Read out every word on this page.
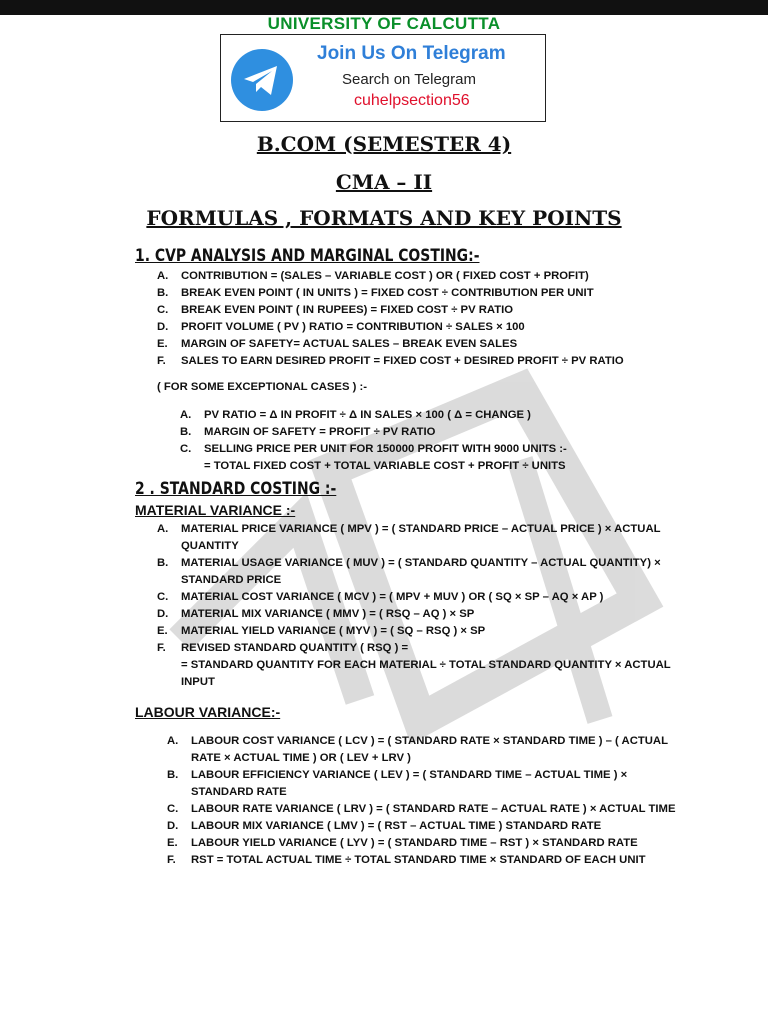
UNIVERSITY OF CALCUTTA
Join Us On Telegram
Search on Telegram
cuhelpsection56
B.COM (SEMESTER 4)
CMA – II
FORMULAS , FORMATS AND KEY POINTS
1. CVP ANALYSIS AND MARGINAL COSTING:-
A. CONTRIBUTION = (SALES – VARIABLE COST ) OR ( FIXED COST + PROFIT)
B. BREAK EVEN POINT ( IN UNITS ) = FIXED COST ÷ CONTRIBUTION PER UNIT
C. BREAK EVEN POINT ( IN RUPEES) = FIXED COST ÷ PV RATIO
D. PROFIT VOLUME ( PV ) RATIO = CONTRIBUTION ÷ SALES × 100
E. MARGIN OF SAFETY= ACTUAL SALES – BREAK EVEN SALES
F. SALES TO EARN DESIRED PROFIT = FIXED COST + DESIRED PROFIT ÷ PV RATIO
( FOR SOME EXCEPTIONAL CASES ) :-
A. PV RATIO = Δ IN PROFIT ÷ Δ IN SALES × 100 ( Δ = CHANGE )
B. MARGIN OF SAFETY = PROFIT ÷ PV RATIO
C. SELLING PRICE PER UNIT FOR 150000 PROFIT WITH 9000 UNITS :-
= TOTAL FIXED COST + TOTAL VARIABLE COST + PROFIT ÷ UNITS
2 . STANDARD COSTING :-
MATERIAL VARIANCE :-
A. MATERIAL PRICE VARIANCE ( MPV ) = ( STANDARD PRICE – ACTUAL PRICE ) × ACTUAL QUANTITY
B. MATERIAL USAGE VARIANCE ( MUV ) = ( STANDARD QUANTITY – ACTUAL QUANTITY) × STANDARD PRICE
C. MATERIAL COST VARIANCE ( MCV ) = ( MPV + MUV ) OR ( SQ × SP – AQ × AP )
D. MATERIAL MIX VARIANCE ( MMV ) = ( RSQ – AQ ) × SP
E. MATERIAL YIELD VARIANCE ( MYV ) = ( SQ – RSQ ) × SP
F. REVISED STANDARD QUANTITY ( RSQ ) =
= STANDARD QUANTITY FOR EACH MATERIAL ÷ TOTAL STANDARD QUANTITY × ACTUAL INPUT
LABOUR VARIANCE:-
A. LABOUR COST VARIANCE ( LCV ) = ( STANDARD RATE × STANDARD TIME ) – ( ACTUAL RATE × ACTUAL TIME ) OR ( LEV + LRV )
B. LABOUR EFFICIENCY VARIANCE ( LEV ) = ( STANDARD TIME – ACTUAL TIME ) × STANDARD RATE
C. LABOUR RATE VARIANCE ( LRV ) = ( STANDARD RATE – ACTUAL RATE ) × ACTUAL TIME
D. LABOUR MIX VARIANCE ( LMV ) = ( RST – ACTUAL TIME ) STANDARD RATE
E. LABOUR YIELD VARIANCE ( LYV ) = ( STANDARD TIME – RST ) × STANDARD RATE
F. RST = TOTAL ACTUAL TIME ÷ TOTAL STANDARD TIME × STANDARD OF EACH UNIT
